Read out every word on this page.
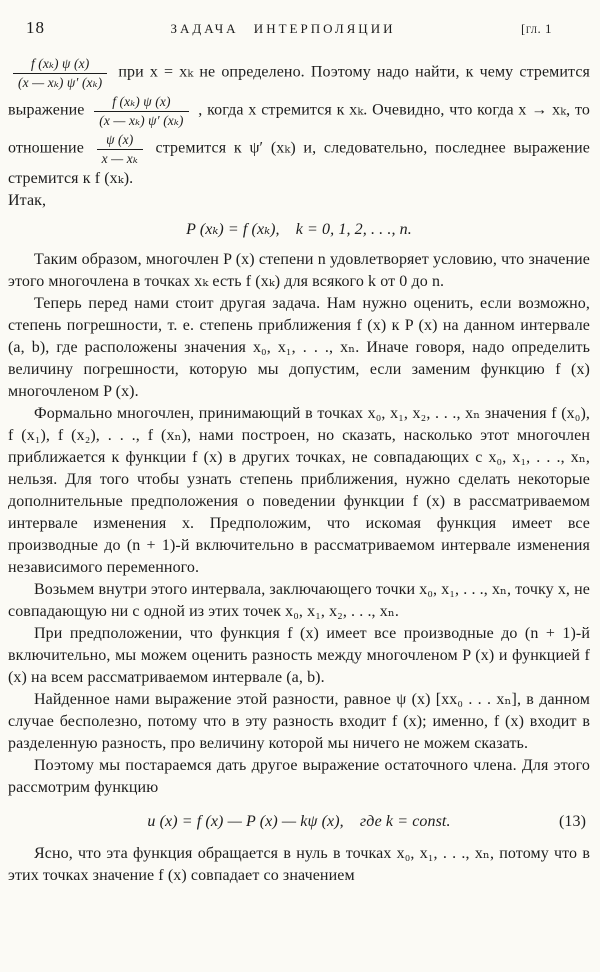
18	ЗАДАЧА ИНТЕРПОЛЯЦИИ	[гл. 1

$\frac{\text{f (xₖ) ψ (x)}}{\text{(x — xₖ) ψ′ (xₖ)}}$ при x = xₖ не определено. Поэтому надо найти, к чему стремится выражение $\frac{\text{f (xₖ) ψ (x)}}{\text{(x — xₖ) ψ′ (xₖ)}}$ , когда x стремится к xₖ. Очевидно, что когда x → xₖ, то отношение $\frac{\psi (x)}{\text{x — xₖ}}$ стремится к ψ′ (xₖ) и, следовательно, последнее выражение стремится к f (xₖ).
Итак,

P (xₖ) = f (xₖ), k = 0, 1, 2, . . ., n.

Таким образом, многочлен P (x) степени n удовлетворяет условию, что значение этого многочлена в точках xₖ есть f (xₖ) для всякого k от 0 до n.

Теперь перед нами стоит другая задача. Нам нужно оценить, если возможно, степень погрешности, т. е. степень приближения f (x) к P (x) на данном интервале (a, b), где расположены значения x₀, x₁, . . ., xₙ. Иначе говоря, надо определить величину погрешности, которую мы допустим, если заменим функцию f (x) многочленом P (x).

Формально многочлен, принимающий в точках x₀, x₁, x₂, . . ., xₙ значения f (x₀), f (x₁), f (x₂), . . ., f (xₙ), нами построен, но сказать, насколько этот многочлен приближается к функции f (x) в других точках, не совпадающих с x₀, x₁, . . ., xₙ, нельзя. Для того чтобы узнать степень приближения, нужно сделать некоторые дополнительные предположения о поведении функции f (x) в рассматриваемом интервале изменения x. Предположим, что искомая функция имеет все производные до (n + 1)-й включительно в рассматриваемом интервале изменения независимого переменного.

Возьмем внутри этого интервала, заключающего точки x₀, x₁, . . ., xₙ, точку x, не совпадающую ни с одной из этих точек x₀, x₁, x₂, . . ., xₙ.

При предположении, что функция f (x) имеет все производные до (n + 1)-й включительно, мы можем оценить разность между многочленом P (x) и функцией f (x) на всем рассматриваемом интервале (a, b).

Найденное нами выражение этой разности, равное ψ (x) [xx₀ . . . xₙ], в данном случае бесполезно, потому что в эту разность входит f (x); именно, f (x) входит в разделенную разность, про величину которой мы ничего не можем сказать.

Поэтому мы постараемся дать другое выражение остаточного члена. Для этого рассмотрим функцию

u (x) = f (x) — P (x) — kψ (x), где k = const.	(13)

Ясно, что эта функция обращается в нуль в точках x₀, x₁, . . ., xₙ, потому что в этих точках значение f (x) совпадает со значением
